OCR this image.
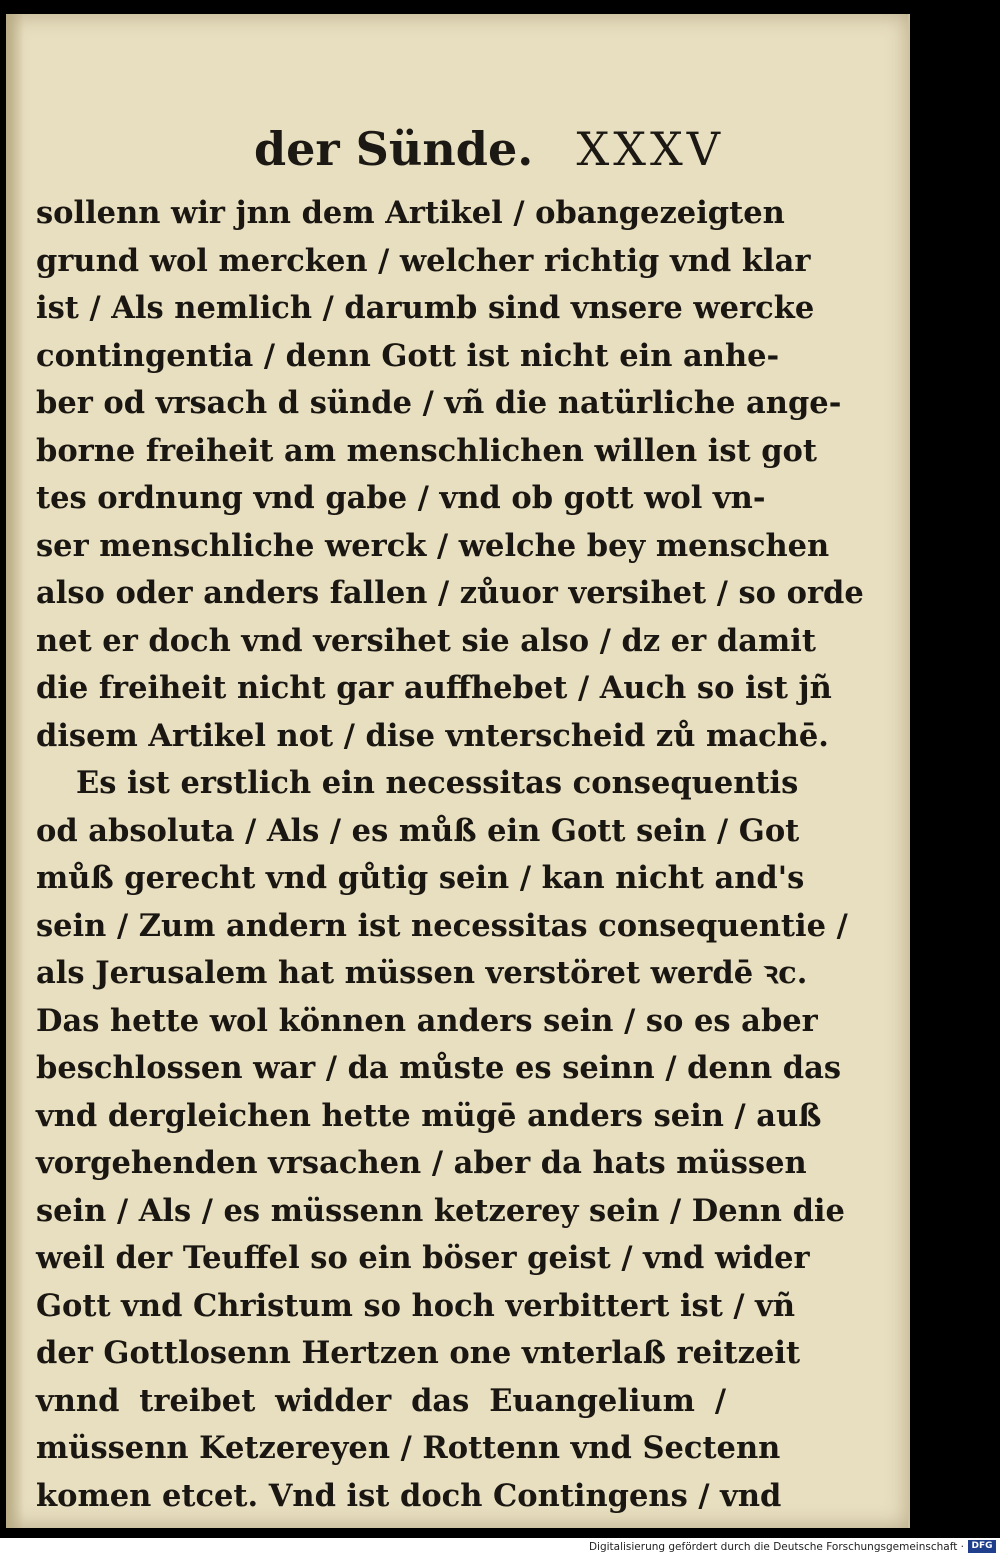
der Sünde. XXXV
sollenn wir jnn dem Artikel / obangezeigten
grund wol mercken / welcher richtig vnd klar
ist / Als nemlich / darumb sind vnsere wercke
contingentia / denn Gott ist nicht ein anhe-
ber od vrsach d sünde / vñ die natürliche ange-
borne freiheit am menschlichen willen ist got
tes ordnung vnd gabe / vnd ob gott wol vn-
ser menschliche werck / welche bey menschen
also oder anders fallen / zůuor versihet / so orde
net er doch vnd versihet sie also / dz er damit
die freiheit nicht gar auffhebet / Auch so ist jñ
disem Artikel not / dise vnterscheid zů machē.
Es ist erstlich ein necessitas consequentis
od absoluta / Als / es můß ein Gott sein / Got
můß gerecht vnd gůtig sein / kan nicht and's
sein / Zum andern ist necessitas consequentie /
als Jerusalem hat müssen verstöret werdē ꝛc.
Das hette wol können anders sein / so es aber
beschlossen war / da můste es seinn / denn das
vnd dergleichen hette mügē anders sein / auß
vorgehenden vrsachen / aber da hats müssen
sein / Als / es müssenn ketzerey sein / Denn die
weil der Teuffel so ein böser geist / vnd wider
Gott vnd Christum so hoch verbittert ist / vñ
der Gottlosenn Hertzen one vnterlaß reitzeit
vnnd treibet widder das Euangelium /
müssenn Ketzereyen / Rottenn vnd Sectenn
komen etcet. Vnd ist doch Contingens / vnd
Digitalisierung gefördert durch die Deutsche Forschungsgemeinschaft · DFG
